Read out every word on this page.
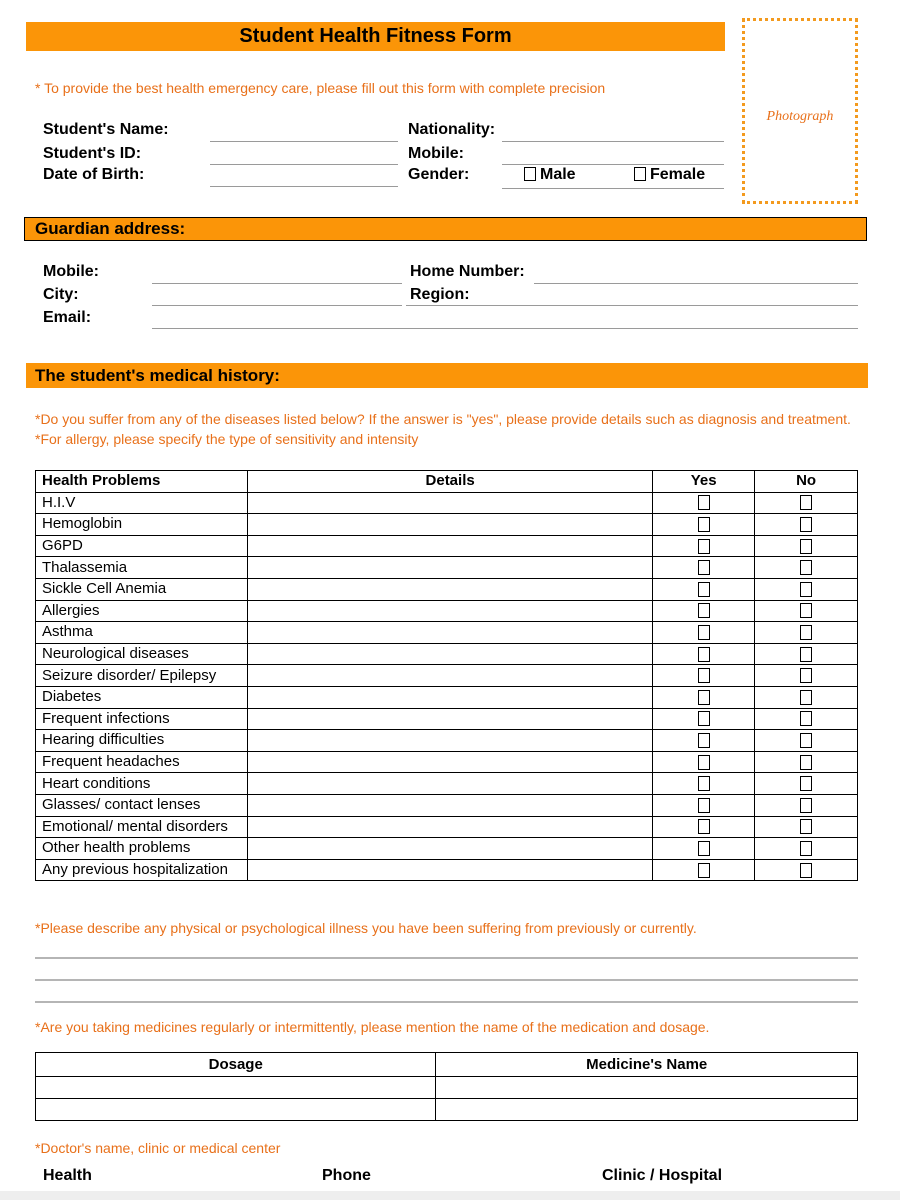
Student Health Fitness Form
Photograph
* To provide the best health emergency care, please fill out this form with complete precision
Student's Name:
Student's ID:
Date of Birth:
Nationality:
Mobile:
Gender:	Male	Female
Guardian address:
Mobile:
City:
Email:
Home Number:
Region:
The student's medical history:
*Do you suffer from any of the diseases listed below? If the answer is "yes", please provide details such as diagnosis and treatment.
*For allergy, please specify the type of sensitivity and intensity
Health Problems	Details	Yes	No
H.I.V			
Hemoglobin			
G6PD			
Thalassemia			
Sickle Cell Anemia			
Allergies			
Asthma			
Neurological diseases			
Seizure disorder/ Epilepsy			
Diabetes			
Frequent infections			
Hearing difficulties			
Frequent headaches			
Heart conditions			
Glasses/ contact lenses			
Emotional/ mental disorders			
Other health problems			
Any previous hospitalization			
*Please describe any physical or psychological illness you have been suffering from previously or currently.
*Are you taking medicines regularly or intermittently, please mention the name of the medication and dosage.
Dosage	Medicine's Name

*Doctor's name, clinic or medical center
Health	Phone	Clinic / Hospital
